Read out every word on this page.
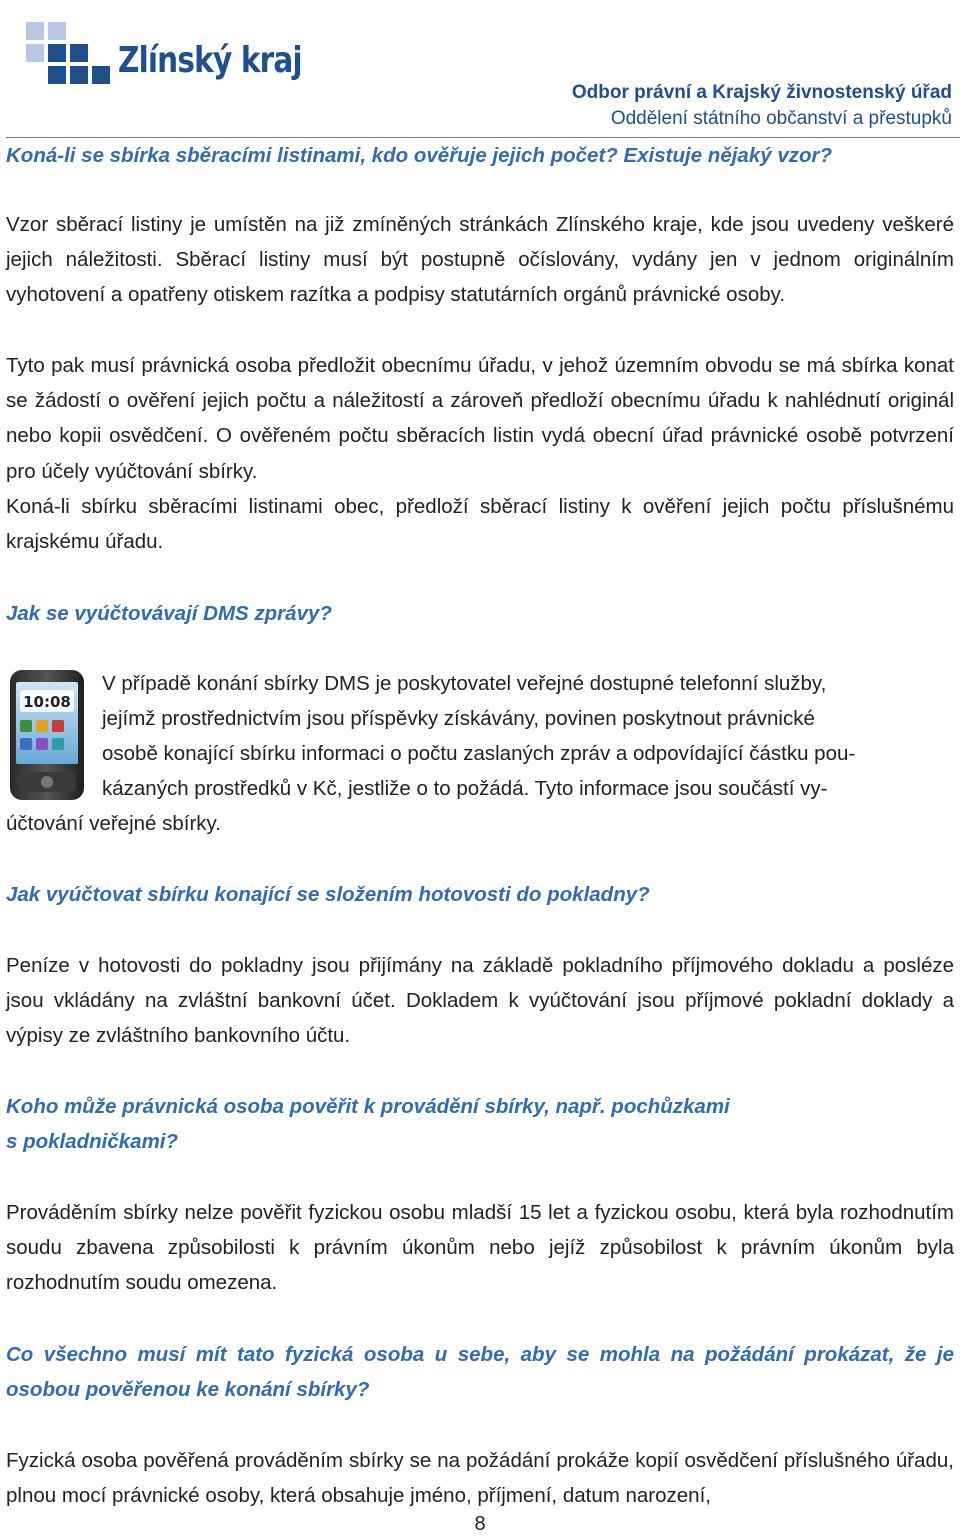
Zlínský kraj
Odbor právní a Krajský živnostenský úřad
Oddělení státního občanství a přestupků
Koná-li se sbírka sběracími listinami, kdo ověřuje jejich počet? Existuje nějaký vzor?
Vzor sběrací listiny je umístěn na již zmíněných stránkách Zlínského kraje, kde jsou uvedeny veškeré jejich náležitosti. Sběrací listiny musí být postupně očíslovány, vydány jen v jednom originálním vyhotovení a opatřeny otiskem razítka a podpisy statutárních orgánů právnické osoby.
Tyto pak musí právnická osoba předložit obecnímu úřadu, v jehož územním obvodu se má sbírka konat se žádostí o ověření jejich počtu a náležitostí a zároveň předloží obecnímu úřadu k nahlédnutí originál nebo kopii osvědčení. O ověřeném počtu sběracích listin vydá obecní úřad právnické osobě potvrzení pro účely vyúčtování sbírky.
Koná-li sbírku sběracími listinami obec, předloží sběrací listiny k ověření jejich počtu příslušnému krajskému úřadu.
Jak se vyúčtovávají DMS zprávy?
10:08
V případě konání sbírky DMS je poskytovatel veřejné dostupné telefonní služby,
jejímž prostřednictvím jsou příspěvky získávány, povinen poskytnout právnické
osobě konající sbírku informaci o počtu zaslaných zpráv a odpovídající částku pou-
kázaných prostředků v Kč, jestliže o to požádá. Tyto informace jsou součástí vy-
účtování veřejné sbírky.
Jak vyúčtovat sbírku konající se složením hotovosti do pokladny?
Peníze v hotovosti do pokladny jsou přijímány na základě pokladního příjmového dokladu a posléze jsou vkládány na zvláštní bankovní účet. Dokladem k vyúčtování jsou příjmové pokladní doklady a výpisy ze zvláštního bankovního účtu.
Koho může právnická osoba pověřit k provádění sbírky, např. pochůzkami
s pokladničkami?
Prováděním sbírky nelze pověřit fyzickou osobu mladší 15 let a fyzickou osobu, která byla rozhodnutím soudu zbavena způsobilosti k právním úkonům nebo jejíž způsobilost k právním úkonům byla rozhodnutím soudu omezena.
Co všechno musí mít tato fyzická osoba u sebe, aby se mohla na požádání prokázat, že je osobou pověřenou ke konání sbírky?
Fyzická osoba pověřená prováděním sbírky se na požádání prokáže kopií osvědčení příslušného úřadu, plnou mocí právnické osoby, která obsahuje jméno, příjmení, datum narození,
8
